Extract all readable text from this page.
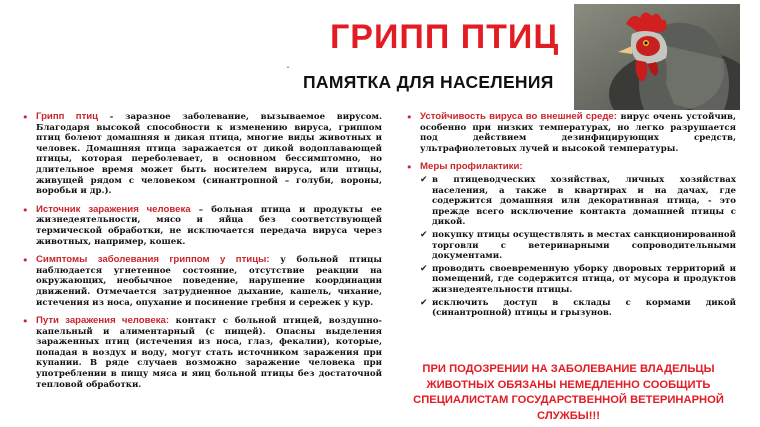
ГРИПП ПТИЦ
ˇ
ПАМЯТКА ДЛЯ НАСЕЛЕНИЯ
• Грипп птиц - заразное заболевание, вызываемое вирусом. Благодаря высокой способности к изменению вируса, гриппом птиц болеют домашняя и дикая птица, многие виды животных и человек. Домашняя птица заражается от дикой водоплавающей птицы, которая переболевает, в основном бессимптомно, но длительное время может быть носителем вируса, или птицы, живущей рядом с человеком (синантропной – голуби, вороны, воробьи и др.).
• Источник заражения человека – больная птица и продукты ее жизнедеятельности, мясо и яйца без соответствующей термической обработки, не исключается передача вируса через животных, например, кошек.
• Симптомы заболевания гриппом у птицы: у больной птицы наблюдается угнетенное состояние, отсутствие реакции на окружающих, необычное поведение, нарушение координации движений. Отмечается затрудненное дыхание, кашель, чихание, истечения из носа, опухание и посинение гребня и сережек у кур.
• Пути заражения человека: контакт с больной птицей, воздушно-капельный и алиментарный (с пищей). Опасны выделения зараженных птиц (истечения из носа, глаз, фекалии), которые, попадая в воздух и воду, могут стать источником заражения при купании. В ряде случаев возможно заражение человека при употреблении в пищу мяса и яиц больной птицы без достаточной тепловой обработки.
• Устойчивость вируса во внешней среде: вирус очень устойчив, особенно при низких температурах, но легко разрушается под действием дезинфицирующих средств, ультрафиолетовых лучей и высокой температуры.
• Меры профилактики:
✔ в птицеводческих хозяйствах, личных хозяйствах населения, а также в квартирах и на дачах, где содержится домашняя или декоративная птица, - это прежде всего исключение контакта домашней птицы с дикой.
✔ покупку птицы осуществлять в местах санкционированной торговли с ветеринарными сопроводительными документами.
✔ проводить своевременную уборку дворовых территорий и помещений, где содержится птица, от мусора и продуктов жизнедеятельности птицы.
✔ исключить доступ в склады с кормами дикой (синантропной) птицы и грызунов.
ПРИ ПОДОЗРЕНИИ НА ЗАБОЛЕВАНИЕ ВЛАДЕЛЬЦЫ ЖИВОТНЫХ ОБЯЗАНЫ НЕМЕДЛЕННО СООБЩИТЬ СПЕЦИАЛИСТАМ ГОСУДАРСТВЕННОЙ ВЕТЕРИНАРНОЙ СЛУЖБЫ!!!
